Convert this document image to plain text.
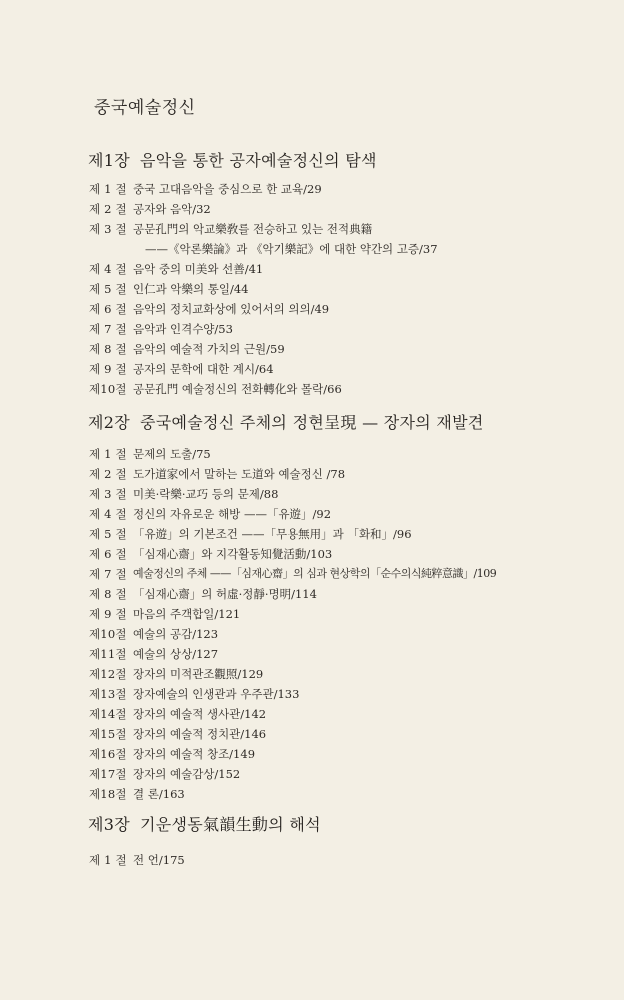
중국예술정신
제1장 음악을 통한 공자예술정신의 탐색
제 1 절 중국 고대음악을 중심으로 한 교육/29
제 2 절 공자와 음악/32
제 3 절 공문孔門의 악교樂敎를 전승하고 있는 전적典籍
——《악론樂論》과 《악기樂記》에 대한 약간의 고증/37
제 4 절 음악 중의 미美와 선善/41
제 5 절 인仁과 악樂의 통일/44
제 6 절 음악의 정치교화상에 있어서의 의의/49
제 7 절 음악과 인격수양/53
제 8 절 음악의 예술적 가치의 근원/59
제 9 절 공자의 문학에 대한 계시/64
제10절 공문孔門 예술정신의 전화轉化와 몰락/66
제2장 중국예술정신 주체의 정현呈現 — 장자의 재발견
제 1 절 문제의 도출/75
제 2 절 도가道家에서 말하는 도道와 예술정신 /78
제 3 절 미美·락樂·교巧 등의 문제/88
제 4 절 정신의 자유로운 해방 ——「유遊」/92
제 5 절 「유遊」의 기본조건 ——「무용無用」과 「화和」/96
제 6 절 「심재心齋」와 지각활동知覺活動/103
제 7 절 예술정신의 주체 ——「심재心齋」의 심과 현상학의「순수의식純粹意識」/109
제 8 절 「심재心齋」의 허虛·정靜·명明/114
제 9 절 마음의 주객합일/121
제10절 예술의 공감/123
제11절 예술의 상상/127
제12절 장자의 미적관조觀照/129
제13절 장자예술의 인생관과 우주관/133
제14절 장자의 예술적 생사관/142
제15절 장자의 예술적 정치관/146
제16절 장자의 예술적 창조/149
제17절 장자의 예술감상/152
제18절 결 론/163
제3장 기운생동氣韻生動의 해석
제 1 절 전 언/175
